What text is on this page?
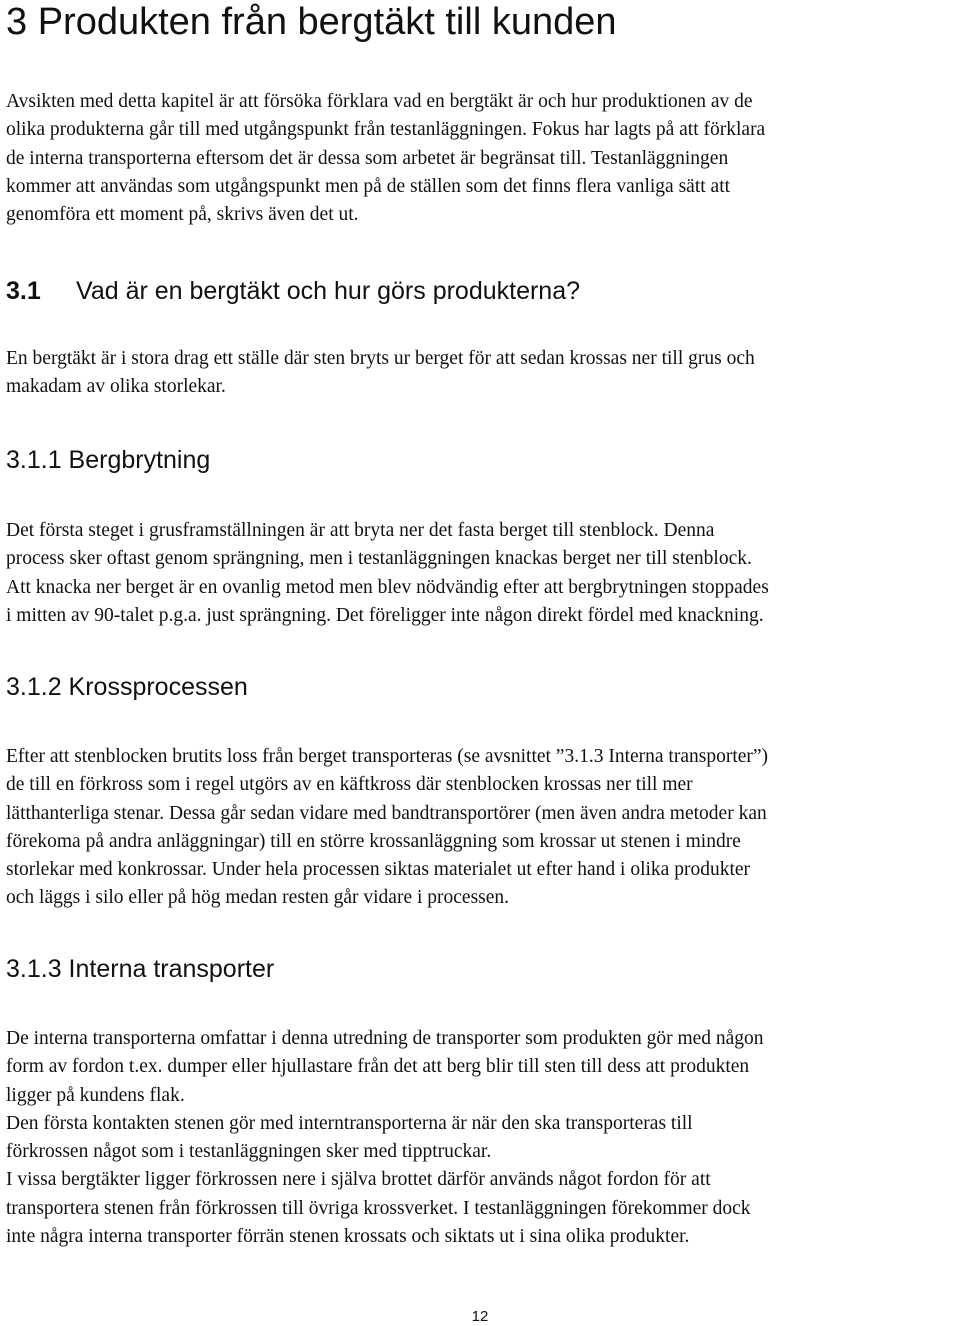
3 Produkten från bergtäkt till kunden

Avsikten med detta kapitel är att försöka förklara vad en bergtäkt är och hur produktionen av de
olika produkterna går till med utgångspunkt från testanläggningen. Fokus har lagts på att förklara
de interna transporterna eftersom det är dessa som arbetet är begränsat till. Testanläggningen
kommer att användas som utgångspunkt men på de ställen som det finns flera vanliga sätt att
genomföra ett moment på, skrivs även det ut.

3.1 Vad är en bergtäkt och hur görs produkterna?

En bergtäkt är i stora drag ett ställe där sten bryts ur berget för att sedan krossas ner till grus och
makadam av olika storlekar.

3.1.1 Bergbrytning

Det första steget i grusframställningen är att bryta ner det fasta berget till stenblock. Denna
process sker oftast genom sprängning, men i testanläggningen knackas berget ner till stenblock.
Att knacka ner berget är en ovanlig metod men blev nödvändig efter att bergbrytningen stoppades
i mitten av 90-talet p.g.a. just sprängning. Det föreligger inte någon direkt fördel med knackning.

3.1.2 Krossprocessen

Efter att stenblocken brutits loss från berget transporteras (se avsnittet ”3.1.3 Interna transporter”)
de till en förkross som i regel utgörs av en käftkross där stenblocken krossas ner till mer
lätthanterliga stenar. Dessa går sedan vidare med bandtransportörer (men även andra metoder kan
förekoma på andra anläggningar) till en större krossanläggning som krossar ut stenen i mindre
storlekar med konkrossar. Under hela processen siktas materialet ut efter hand i olika produkter
och läggs i silo eller på hög medan resten går vidare i processen.

3.1.3 Interna transporter

De interna transporterna omfattar i denna utredning de transporter som produkten gör med någon
form av fordon t.ex. dumper eller hjullastare från det att berg blir till sten till dess att produkten
ligger på kundens flak.
Den första kontakten stenen gör med interntransporterna är när den ska transporteras till
förkrossen något som i testanläggningen sker med tipptruckar.
I vissa bergtäkter ligger förkrossen nere i själva brottet därför används något fordon för att
transportera stenen från förkrossen till övriga krossverket. I testanläggningen förekommer dock
inte några interna transporter förrän stenen krossats och siktats ut i sina olika produkter.

12
